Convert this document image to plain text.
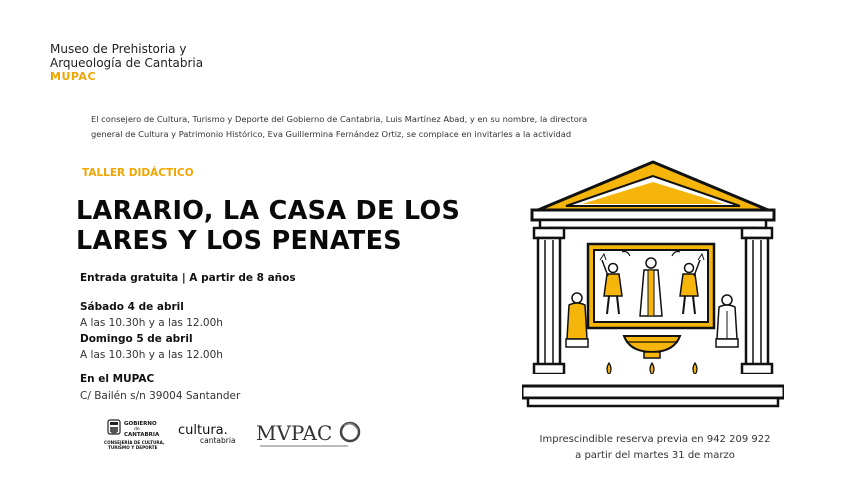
Museo de Prehistoria y
Arqueología de Cantabria
MUPAC
El consejero de Cultura, Turismo y Deporte del Gobierno de Cantabria, Luis Martínez Abad, y en su nombre, la directora
general de Cultura y Patrimonio Histórico, Eva Guillermina Fernández Ortiz, se complace en invitarles a la actividad
TALLER DIDÁCTICO
LARARIO, LA CASA DE LOS
LARES Y LOS PENATES
Entrada gratuita | A partir de 8 años
Sábado 4 de abril
A las 10.30h y a las 12.00h
Domingo 5 de abril
A las 10.30h y a las 12.00h
En el MUPAC
C/ Bailén s/n 39004 Santander
Imprescindible reserva previa en 942 209 922
a partir del martes 31 de marzo
GOBIERNO
de
CANTABRIA
CONSEJERÍA DE CULTURA,
TURISMO Y DEPORTE
cultura.
cantabria MVPAC
